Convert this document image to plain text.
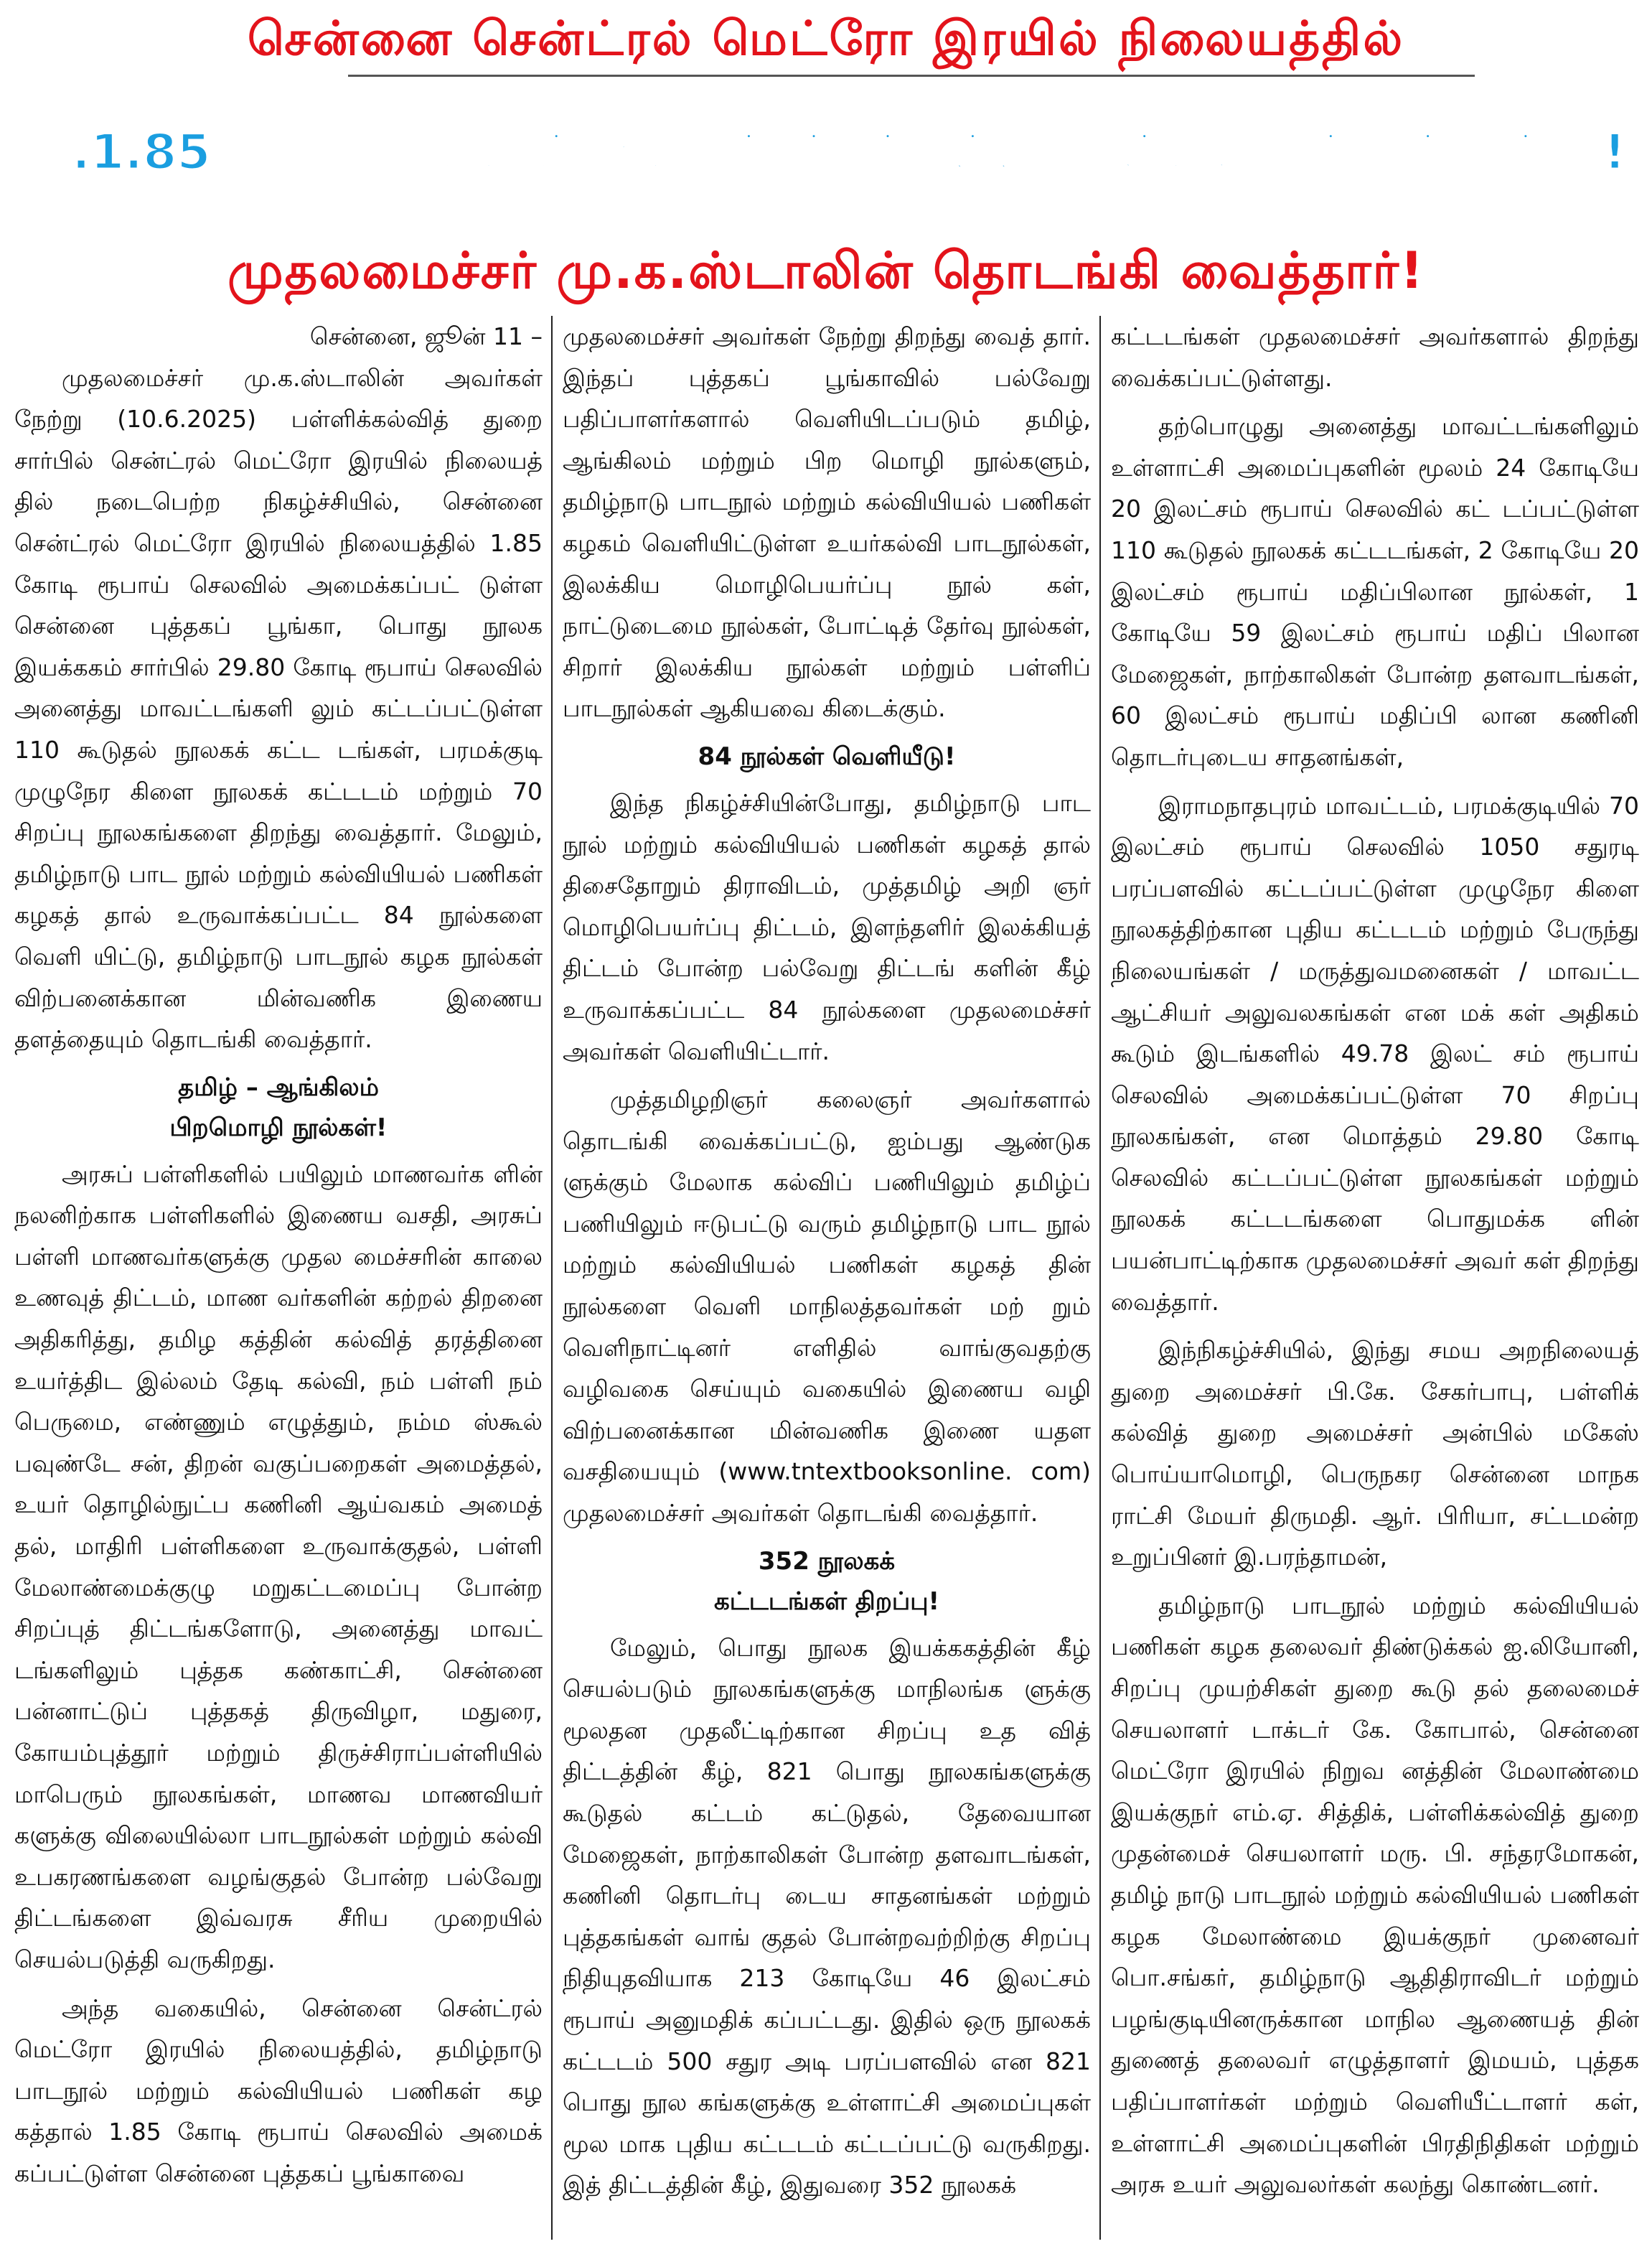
சென்னை சென்ட்ரல் மெட்ரோ இரயில் நிலையத்தில்
ரூ.1.85 கோடி செலவில் அமைக்கப்பட்டுள்ள சென்னை புத்தகப் பூங்கா!
முதலமைச்சர் மு.க.ஸ்டாலின் தொடங்கி வைத்தார்!

சென்னை, ஜூன் 11 –

முதலமைச்சர் மு.க.ஸ்டாலின் அவர்கள் நேற்று (10.6.2025) பள்ளிக்கல்வித் துறை சார்பில் சென்ட்ரல் மெட்ரோ இரயில் நிலையத் தில் நடைபெற்ற நிகழ்ச்சியில், சென்னை சென்ட்ரல் மெட்ரோ இரயில் நிலையத்தில் 1.85 கோடி ரூபாய் செலவில் அமைக்கப்பட் டுள்ள சென்னை புத்தகப் பூங்கா, பொது நூலக இயக்ககம் சார்பில் 29.80 கோடி ரூபாய் செலவில் அனைத்து மாவட்டங்களி லும் கட்டப்பட்டுள்ள 110 கூடுதல் நூலகக் கட்ட டங்கள், பரமக்குடி முழுநேர கிளை நூலகக் கட்டடம் மற்றும் 70 சிறப்பு நூலகங்களை திறந்து வைத்தார். மேலும், தமிழ்நாடு பாட நூல் மற்றும் கல்வியியல் பணிகள் கழகத் தால் உருவாக்கப்பட்ட 84 நூல்களை வெளி யிட்டு, தமிழ்நாடு பாடநூல் கழக நூல்கள் விற்பனைக்கான மின்வணிக இணைய தளத்தையும் தொடங்கி வைத்தார்.

தமிழ் – ஆங்கிலம்
பிறமொழி நூல்கள்!

அரசுப் பள்ளிகளில் பயிலும் மாணவர்க ளின் நலனிற்காக பள்ளிகளில் இணைய வசதி, அரசுப் பள்ளி மாணவர்களுக்கு முதல மைச்சரின் காலை உணவுத் திட்டம், மாண வர்களின் கற்றல் திறனை அதிகரித்து, தமிழ கத்தின் கல்வித் தரத்தினை உயர்த்திட இல்லம் தேடி கல்வி, நம் பள்ளி நம் பெருமை, எண்ணும் எழுத்தும், நம்ம ஸ்கூல் பவுண்டே சன், திறன் வகுப்பறைகள் அமைத்தல், உயர் தொழில்நுட்ப கணினி ஆய்வகம் அமைத் தல், மாதிரி பள்ளிகளை உருவாக்குதல், பள்ளி மேலாண்மைக்குழு மறுகட்டமைப்பு போன்ற சிறப்புத் திட்டங்களோடு, அனைத்து மாவட் டங்களிலும் புத்தக கண்காட்சி, சென்னை பன்னாட்டுப் புத்தகத் திருவிழா, மதுரை, கோயம்புத்தூர் மற்றும் திருச்சிராப்பள்ளியில் மாபெரும் நூலகங்கள், மாணவ மாணவியர் களுக்கு விலையில்லா பாடநூல்கள் மற்றும் கல்வி உபகரணங்களை வழங்குதல் போன்ற பல்வேறு திட்டங்களை இவ்வரசு சீரிய முறையில் செயல்படுத்தி வருகிறது.

அந்த வகையில், சென்னை சென்ட்ரல் மெட்ரோ இரயில் நிலையத்தில், தமிழ்நாடு பாடநூல் மற்றும் கல்வியியல் பணிகள் கழ கத்தால் 1.85 கோடி ரூபாய் செலவில் அமைக் கப்பட்டுள்ள சென்னை புத்தகப் பூங்காவை

முதலமைச்சர் அவர்கள் நேற்று திறந்து வைத் தார். இந்தப் புத்தகப் பூங்காவில் பல்வேறு பதிப்பாளர்களால் வெளியிடப்படும் தமிழ், ஆங்கிலம் மற்றும் பிற மொழி நூல்களும், தமிழ்நாடு பாடநூல் மற்றும் கல்வியியல் பணிகள் கழகம் வெளியிட்டுள்ள உயர்கல்வி பாடநூல்கள், இலக்கிய மொழிபெயர்ப்பு நூல் கள், நாட்டுடைமை நூல்கள், போட்டித் தேர்வு நூல்கள், சிறார் இலக்கிய நூல்கள் மற்றும் பள்ளிப் பாடநூல்கள் ஆகியவை கிடைக்கும்.

84 நூல்கள் வெளியீடு!

இந்த நிகழ்ச்சியின்போது, தமிழ்நாடு பாட நூல் மற்றும் கல்வியியல் பணிகள் கழகத் தால் திசைதோறும் திராவிடம், முத்தமிழ் அறி ஞர் மொழிபெயர்ப்பு திட்டம், இளந்தளிர் இலக்கியத் திட்டம் போன்ற பல்வேறு திட்டங் களின் கீழ் உருவாக்கப்பட்ட 84 நூல்களை முதலமைச்சர் அவர்கள் வெளியிட்டார்.

முத்தமிழறிஞர் கலைஞர் அவர்களால் தொடங்கி வைக்கப்பட்டு, ஐம்பது ஆண்டுக ளுக்கும் மேலாக கல்விப் பணியிலும் தமிழ்ப் பணியிலும் ஈடுபட்டு வரும் தமிழ்நாடு பாட நூல் மற்றும் கல்வியியல் பணிகள் கழகத் தின் நூல்களை வெளி மாநிலத்தவர்கள் மற் றும் வெளிநாட்டினர் எளிதில் வாங்குவதற்கு வழிவகை செய்யும் வகையில் இணைய வழி விற்பனைக்கான மின்வணிக இணை யதள வசதியையும் (www.tntextbooksonline. com) முதலமைச்சர் அவர்கள் தொடங்கி வைத்தார்.

352 நூலகக்
கட்டடங்கள் திறப்பு!

மேலும், பொது நூலக இயக்ககத்தின் கீழ் செயல்படும் நூலகங்களுக்கு மாநிலங்க ளுக்கு மூலதன முதலீட்டிற்கான சிறப்பு உத வித் திட்டத்தின் கீழ், 821 பொது நூலகங்களுக்கு கூடுதல் கட்டம் கட்டுதல், தேவையான மேஜைகள், நாற்காலிகள் போன்ற தளவாடங்கள், கணினி தொடர்பு டைய சாதனங்கள் மற்றும் புத்தகங்கள் வாங் குதல் போன்றவற்றிற்கு சிறப்பு நிதியுதவியாக 213 கோடியே 46 இலட்சம் ரூபாய் அனுமதிக் கப்பட்டது. இதில் ஒரு நூலகக் கட்டடம் 500 சதுர அடி பரப்பளவில் என 821 பொது நூல கங்களுக்கு உள்ளாட்சி அமைப்புகள் மூல மாக புதிய கட்டடம் கட்டப்பட்டு வருகிறது. இத் திட்டத்தின் கீழ், இதுவரை 352 நூலகக்

கட்டடங்கள் முதலமைச்சர் அவர்களால் திறந்து வைக்கப்பட்டுள்ளது.

தற்பொழுது அனைத்து மாவட்டங்களிலும் உள்ளாட்சி அமைப்புகளின் மூலம் 24 கோடியே 20 இலட்சம் ரூபாய் செலவில் கட் டப்பட்டுள்ள 110 கூடுதல் நூலகக் கட்டடங்கள், 2 கோடியே 20 இலட்சம் ரூபாய் மதிப்பிலான நூல்கள், 1 கோடியே 59 இலட்சம் ரூபாய் மதிப் பிலான மேஜைகள், நாற்காலிகள் போன்ற தளவாடங்கள், 60 இலட்சம் ரூபாய் மதிப்பி லான கணினி தொடர்புடைய சாதனங்கள்,

இராமநாதபுரம் மாவட்டம், பரமக்குடியில் 70 இலட்சம் ரூபாய் செலவில் 1050 சதுரடி பரப்பளவில் கட்டப்பட்டுள்ள முழுநேர கிளை நூலகத்திற்கான புதிய கட்டடம் மற்றும் பேருந்து நிலையங்கள் / மருத்துவமனைகள் / மாவட்ட ஆட்சியர் அலுவலகங்கள் என மக் கள் அதிகம் கூடும் இடங்களில் 49.78 இலட் சம் ரூபாய் செலவில் அமைக்கப்பட்டுள்ள 70 சிறப்பு நூலகங்கள், என மொத்தம் 29.80 கோடி செலவில் கட்டப்பட்டுள்ள நூலகங்கள் மற்றும் நூலகக் கட்டடங்களை பொதுமக்க ளின் பயன்பாட்டிற்காக முதலமைச்சர் அவர் கள் திறந்து வைத்தார்.

இந்நிகழ்ச்சியில், இந்து சமய அறநிலையத் துறை அமைச்சர் பி.கே. சேகர்பாபு, பள்ளிக் கல்வித் துறை அமைச்சர் அன்பில் மகேஸ் பொய்யாமொழி, பெருநகர சென்னை மாநக ராட்சி மேயர் திருமதி. ஆர். பிரியா, சட்டமன்ற உறுப்பினர் இ.பரந்தாமன்,

தமிழ்நாடு பாடநூல் மற்றும் கல்வியியல் பணிகள் கழக தலைவர் திண்டுக்கல் ஐ.லியோனி, சிறப்பு முயற்சிகள் துறை கூடு தல் தலைமைச் செயலாளர் டாக்டர் கே. கோபால், சென்னை மெட்ரோ இரயில் நிறுவ னத்தின் மேலாண்மை இயக்குநர் எம்.ஏ. சித்திக், பள்ளிக்கல்வித் துறை முதன்மைச் செயலாளர் மரு. பி. சந்தரமோகன், தமிழ் நாடு பாடநூல் மற்றும் கல்வியியல் பணிகள் கழக மேலாண்மை இயக்குநர் முனைவர் பொ.சங்கர், தமிழ்நாடு ஆதிதிராவிடர் மற்றும் பழங்குடியினருக்கான மாநில ஆணையத் தின் துணைத் தலைவர் எழுத்தாளர் இமயம், புத்தக பதிப்பாளர்கள் மற்றும் வெளியீட்டாளர் கள், உள்ளாட்சி அமைப்புகளின் பிரதிநிதிகள் மற்றும் அரசு உயர் அலுவலர்கள் கலந்து கொண்டனர்.
